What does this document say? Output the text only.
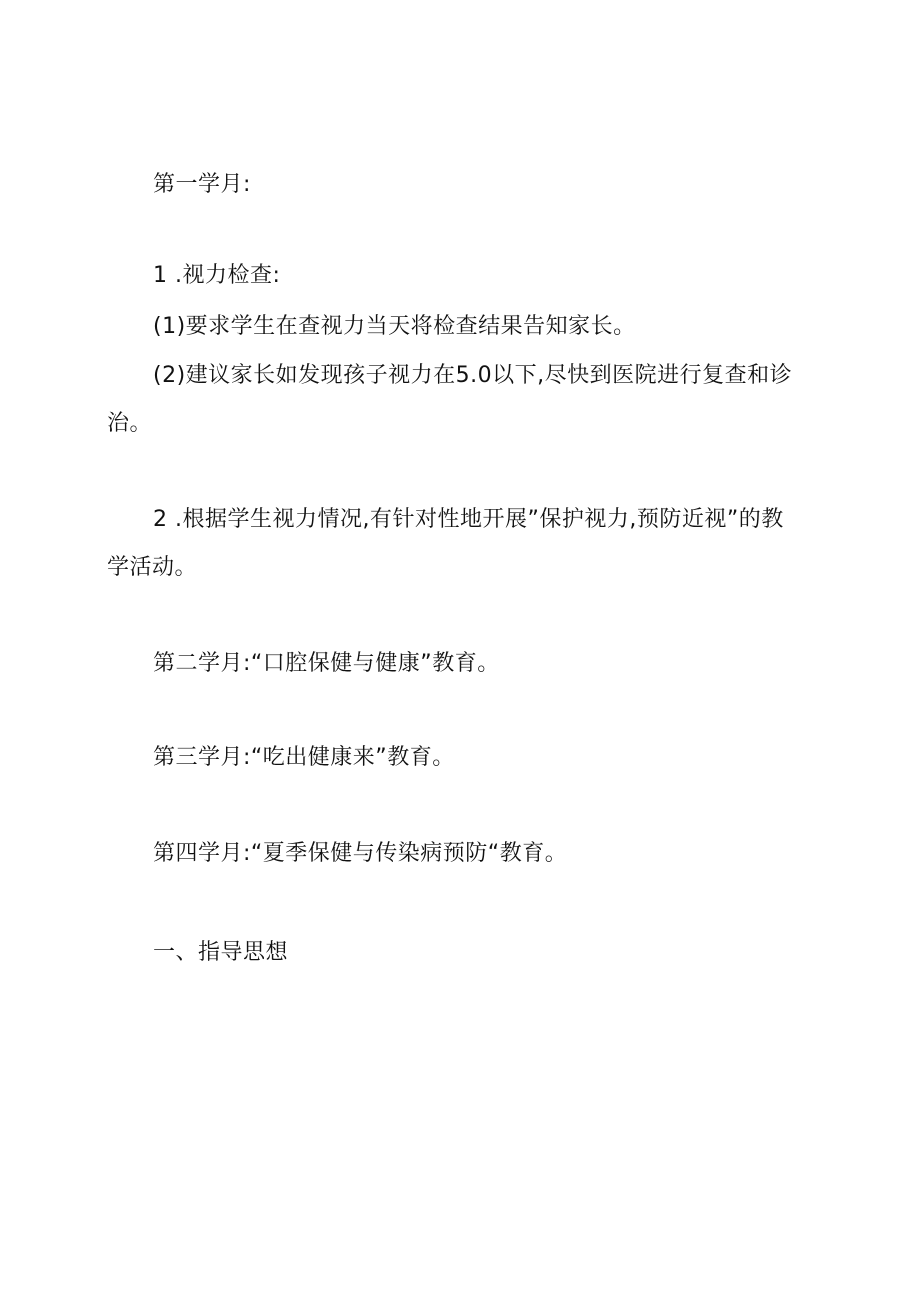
第一学月:
1 .视力检查:
(1)要求学生在查视力当天将检查结果告知家长。
(2)建议家长如发现孩子视力在5.0以下,尽快到医院进行复查和诊
治。
2 .根据学生视力情况,有针对性地开展”保护视力,预防近视”的教
学活动。
第二学月:“口腔保健与健康”教育。
第三学月:“吃出健康来”教育。
第四学月:“夏季保健与传染病预防“教育。
一、指导思想
